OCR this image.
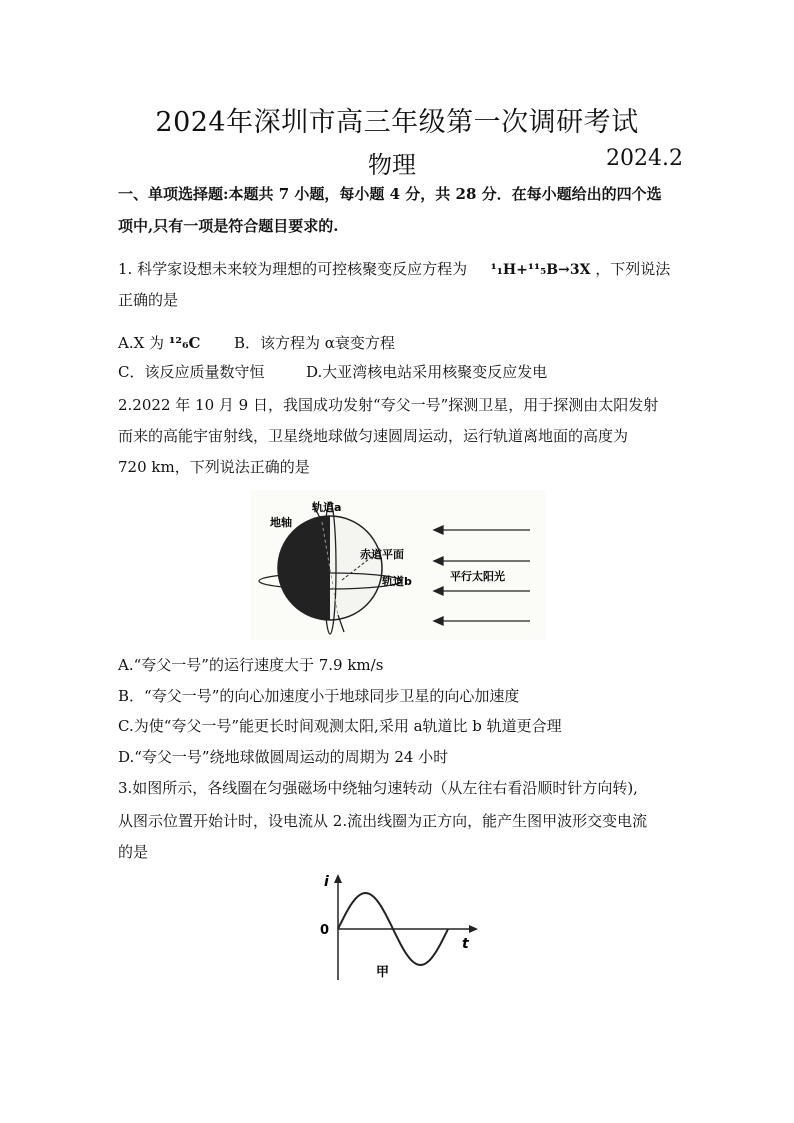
2024年深圳市高三年级第一次调研考试
物理	2024.2
一、单项选择题:本题共 7 小题，每小题 4 分，共 28 分．在每小题给出的四个选
项中,只有一项是符合题目要求的.
1. 科学家设想未来较为理想的可控核聚变反应方程为 ¹₁H+¹¹₅B→3X ，下列说法
正确的是
A.X 为 ¹²₆C B．该方程为 α衰变方程
C．该反应质量数守恒	D.大亚湾核电站采用核聚变反应发电
2.2022 年 10 月 9 日，我国成功发射“夸父一号”探测卫星，用于探测由太阳发射
而来的高能宇宙射线，卫星绕地球做匀速圆周运动，运行轨道离地面的高度为
720 km，下列说法正确的是
地轴
轨道a
赤道平面
轨道b	平行太阳光
A.“夸父一号”的运行速度大于 7.9 km/s
B．“夸父一号”的向心加速度小于地球同步卫星的向心加速度
C.为使“夸父一号”能更长时间观测太阳,采用 a轨道比 b 轨道更合理
D.“夸父一号”绕地球做圆周运动的周期为 24 小时
3.如图所示，各线圈在匀强磁场中绕轴匀速转动（从左往右看沿顺时针方向转),
从图示位置开始计时，设电流从 2.流出线圈为正方向，能产生图甲波形交变电流
的是
i
t
0
甲
